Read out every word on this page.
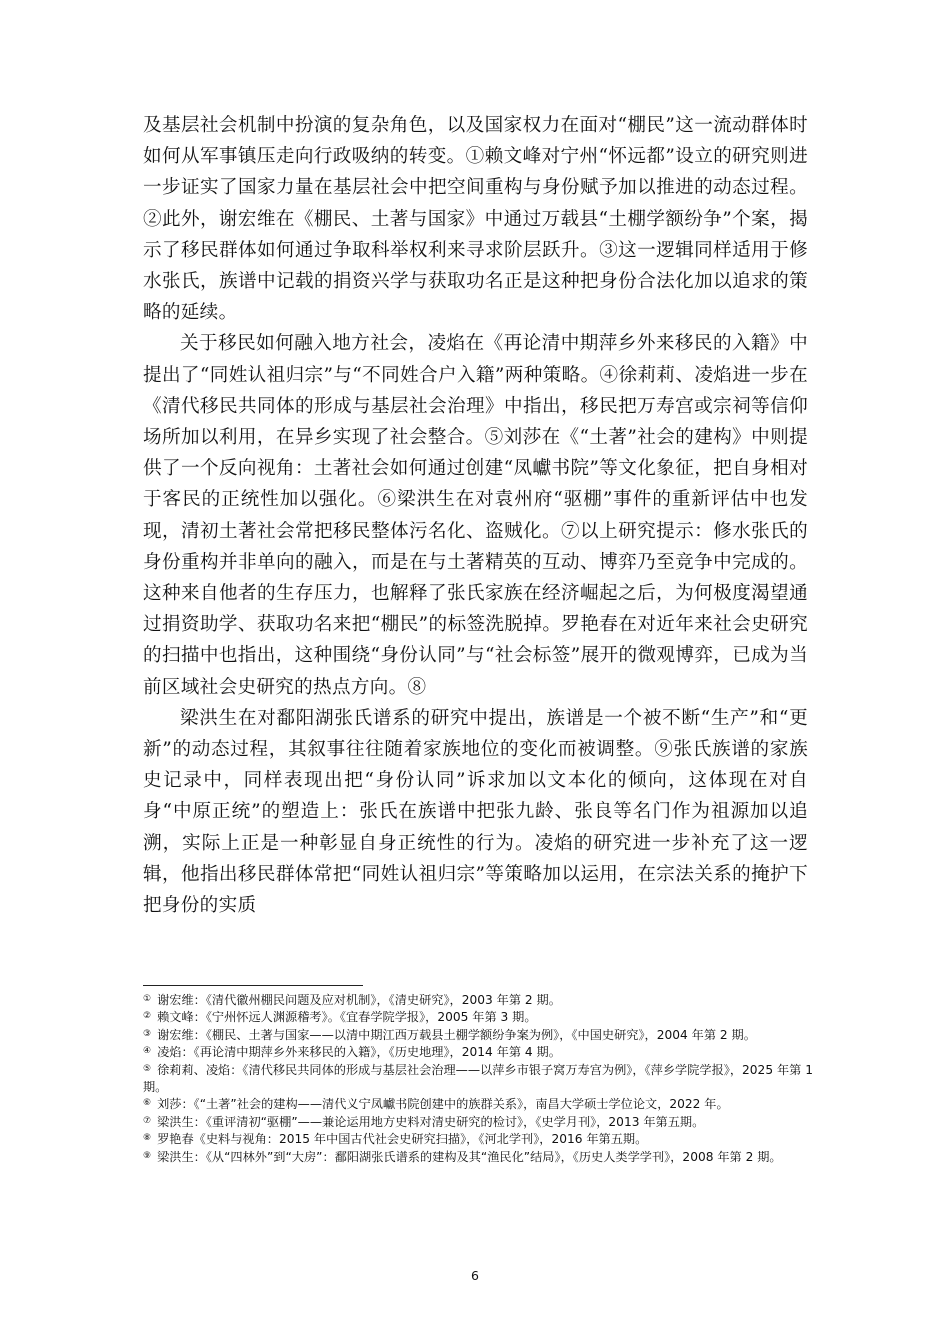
及基层社会机制中扮演的复杂角色，以及国家权力在面对“棚民”这一流动群体时如何从军事镇压走向行政吸纳的转变。①赖文峰对宁州“怀远都”设立的研究则进一步证实了国家力量在基层社会中把空间重构与身份赋予加以推进的动态过程。②此外，谢宏维在《棚民、土著与国家》中通过万载县“土棚学额纷争”个案，揭示了移民群体如何通过争取科举权利来寻求阶层跃升。③这一逻辑同样适用于修水张氏，族谱中记载的捐资兴学与获取功名正是这种把身份合法化加以追求的策略的延续。

关于移民如何融入地方社会，凌焰在《再论清中期萍乡外来移民的入籍》中提出了“同姓认祖归宗”与“不同姓合户入籍”两种策略。④徐莉莉、凌焰进一步在《清代移民共同体的形成与基层社会治理》中指出，移民把万寿宫或宗祠等信仰场所加以利用，在异乡实现了社会整合。⑤刘莎在《“土著”社会的建构》中则提供了一个反向视角：土著社会如何通过创建“凤巘书院”等文化象征，把自身相对于客民的正统性加以强化。⑥梁洪生在对袁州府“驱棚”事件的重新评估中也发现，清初土著社会常把移民整体污名化、盗贼化。⑦以上研究提示：修水张氏的身份重构并非单向的融入，而是在与土著精英的互动、博弈乃至竞争中完成的。这种来自他者的生存压力，也解释了张氏家族在经济崛起之后，为何极度渴望通过捐资助学、获取功名来把“棚民”的标签洗脱掉。罗艳春在对近年来社会史研究的扫描中也指出，这种围绕“身份认同”与“社会标签”展开的微观博弈，已成为当前区域社会史研究的热点方向。⑧

梁洪生在对鄱阳湖张氏谱系的研究中提出，族谱是一个被不断“生产”和“更新”的动态过程，其叙事往往随着家族地位的变化而被调整。⑨张氏族谱的家族史记录中，同样表现出把“身份认同”诉求加以文本化的倾向，这体现在对自身“中原正统”的塑造上：张氏在族谱中把张九龄、张良等名门作为祖源加以追溯，实际上正是一种彰显自身正统性的行为。凌焰的研究进一步补充了这一逻辑，他指出移民群体常把“同姓认祖归宗”等策略加以运用，在宗法关系的掩护下把身份的实质

① 谢宏维：《清代徽州棚民问题及应对机制》，《清史研究》，2003 年第 2 期。

② 赖文峰：《宁州怀远人渊源稽考》。《宜春学院学报》，2005 年第 3 期。

③ 谢宏维：《棚民、土著与国家——以清中期江西万载县土棚学额纷争案为例》，《中国史研究》，2004 年第 2 期。

④ 凌焰：《再论清中期萍乡外来移民的入籍》，《历史地理》，2014 年第 4 期。

⑤ 徐莉莉、凌焰：《清代移民共同体的形成与基层社会治理——以萍乡市银子窝万寿宫为例》，《萍乡学院学报》，2025 年第 1 期。

⑥ 刘莎：《“土著”社会的建构——清代义宁凤巘书院创建中的族群关系》，南昌大学硕士学位论文，2022 年。

⑦ 梁洪生：《重评清初“驱棚”——兼论运用地方史料对清史研究的检讨》，《史学月刊》，2013 年第五期。

⑧ 罗艳春《史料与视角：2015 年中国古代社会史研究扫描》，《河北学刊》，2016 年第五期。

⑨ 梁洪生：《从“四林外”到“大房”：鄱阳湖张氏谱系的建构及其“渔民化”结局》，《历史人类学学刊》，2008 年第 2 期。

6
